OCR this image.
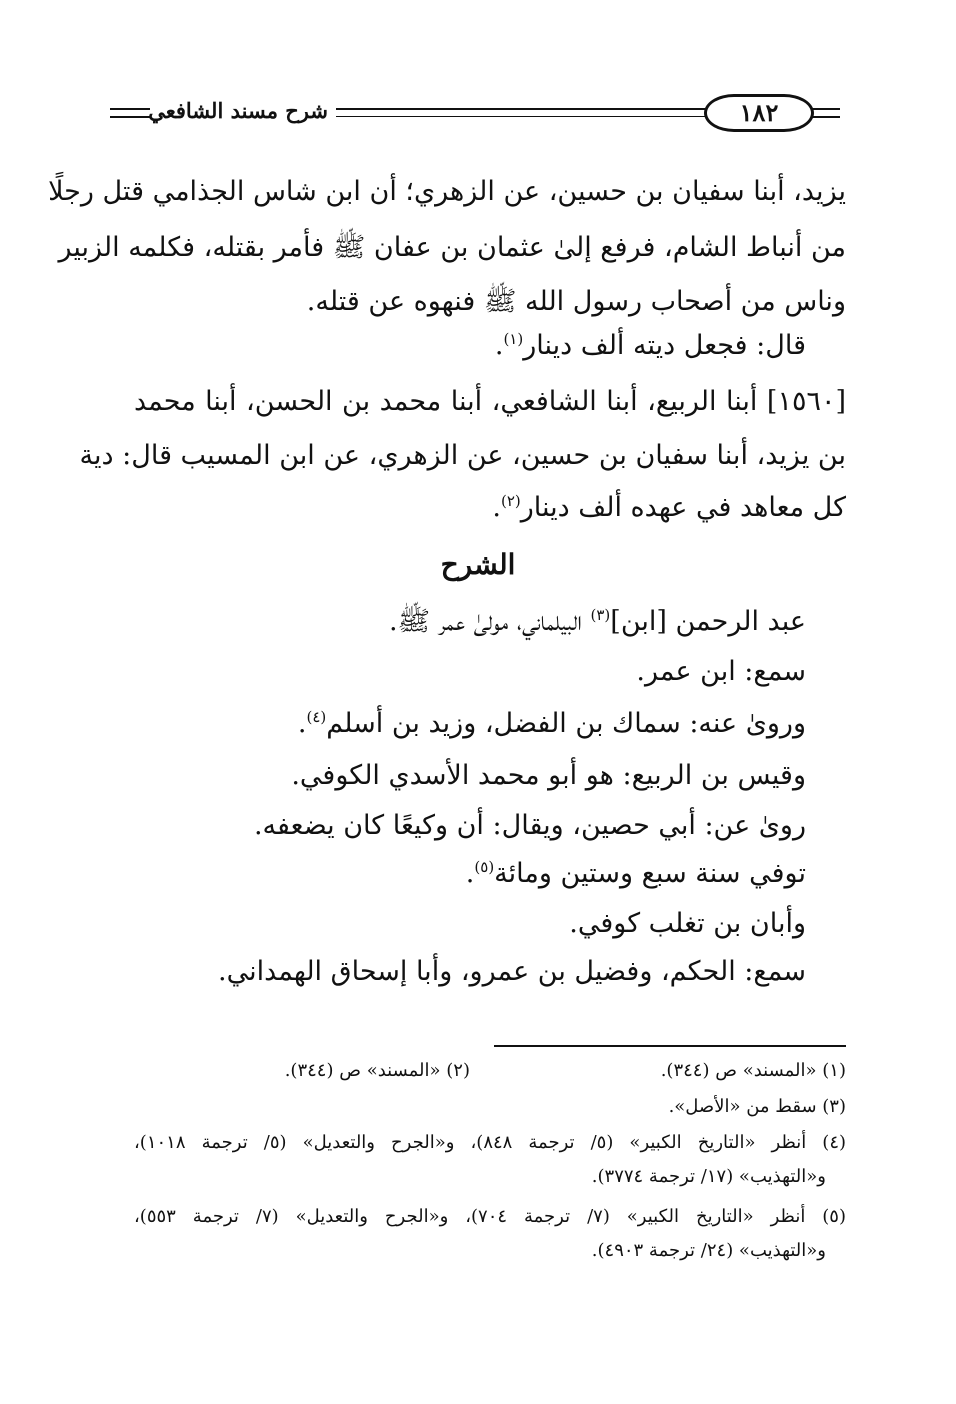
شرح مسند الشافعي	١٨٢
يزيد، أبنا سفيان بن حسين، عن الزهري؛ أن ابن شاس الجذامي قتل رجلًا
من أنباط الشام، فرفع إلىٰ عثمان بن عفان ﷺ فأمر بقتله، فكلمه الزبير
وناس من أصحاب رسول الله ﷺ فنهوه عن قتله.
قال: فجعل ديته ألف دينار$^{(١)}$.
[١٥٦٠] أبنا الربيع، أبنا الشافعي، أبنا محمد بن الحسن، أبنا محمد
بن يزيد، أبنا سفيان بن حسين، عن الزهري، عن ابن المسيب قال: دية
كل معاهد في عهده ألف دينار$^{(٢)}$.
الشرح
عبد الرحمن [ابن]$^{(٣)}$ البيلماني، مولىٰ عمر ﷺ.
سمع: ابن عمر.
وروىٰ عنه: سماك بن الفضل، وزيد بن أسلم$^{(٤)}$.
وقيس بن الربيع: هو أبو محمد الأسدي الكوفي.
روىٰ عن: أبي حصين، ويقال: أن وكيعًا كان يضعفه.
توفي سنة سبع وستين ومائة$^{(٥)}$.
وأبان بن تغلب كوفي.
سمع: الحكم، وفضيل بن عمرو، وأبا إسحاق الهمداني.
(١) «المسند» ص (٣٤٤).
(٢) «المسند» ص (٣٤٤).
(٣) سقط من «الأصل».
(٤) أنظر «التاريخ الكبير» (٥/ ترجمة ٨٤٨)، و«الجرح والتعديل» (٥/ ترجمة ١٠١٨)،
و«التهذيب» (١٧/ ترجمة ٣٧٧٤).
(٥) أنظر «التاريخ الكبير» (٧/ ترجمة ٧٠٤)، و«الجرح والتعديل» (٧/ ترجمة ٥٥٣)،
و«التهذيب» (٢٤/ ترجمة ٤٩٠٣).
